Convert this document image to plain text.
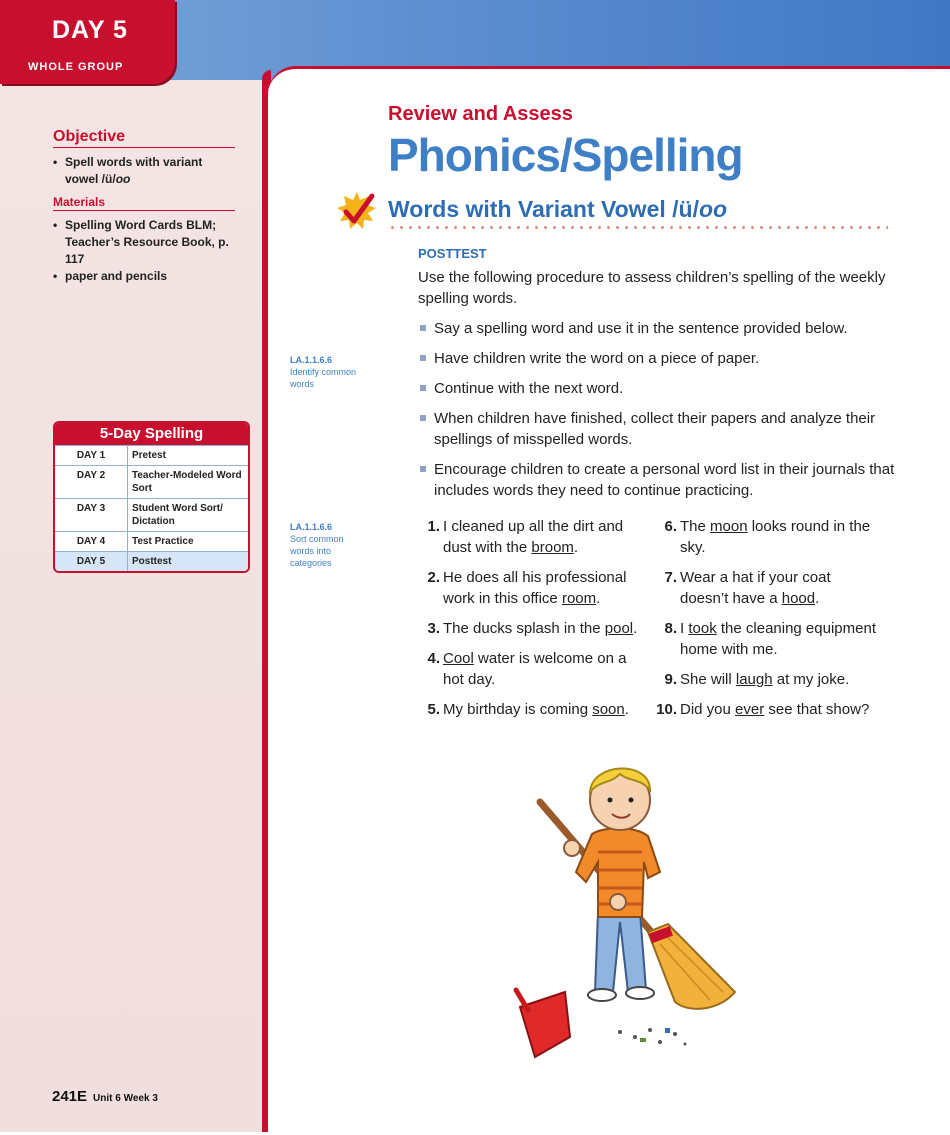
DAY 5
WHOLE GROUP
Objective
• Spell words with variant vowel /ü/oo
Materials
• Spelling Word Cards BLM; Teacher’s Resource Book, p. 117
• paper and pencils
5-Day Spelling
DAY 1	Pretest
DAY 2	Teacher-Modeled Word Sort
DAY 3	Student Word Sort/ Dictation
DAY 4	Test Practice
DAY 5	Posttest
Review and Assess
Phonics/Spelling
Words with Variant Vowel /ü/oo
POSTTEST
Use the following procedure to assess children’s spelling of the weekly spelling words.
Say a spelling word and use it in the sentence provided below.
Have children write the word on a piece of paper.
Continue with the next word.
When children have finished, collect their papers and analyze their spellings of misspelled words.
Encourage children to create a personal word list in their journals that includes words they need to continue practicing.
LA.1.1.6.6
Identify common words
LA.1.1.6.6
Sort common words into categories
1. I cleaned up all the dirt and dust with the broom.
2. He does all his professional work in this office room.
3. The ducks splash in the pool.
4. Cool water is welcome on a hot day.
5. My birthday is coming soon.
6. The moon looks round in the sky.
7. Wear a hat if your coat doesn’t have a hood.
8. I took the cleaning equipment home with me.
9. She will laugh at my joke.
10. Did you ever see that show?
241E Unit 6 Week 3
